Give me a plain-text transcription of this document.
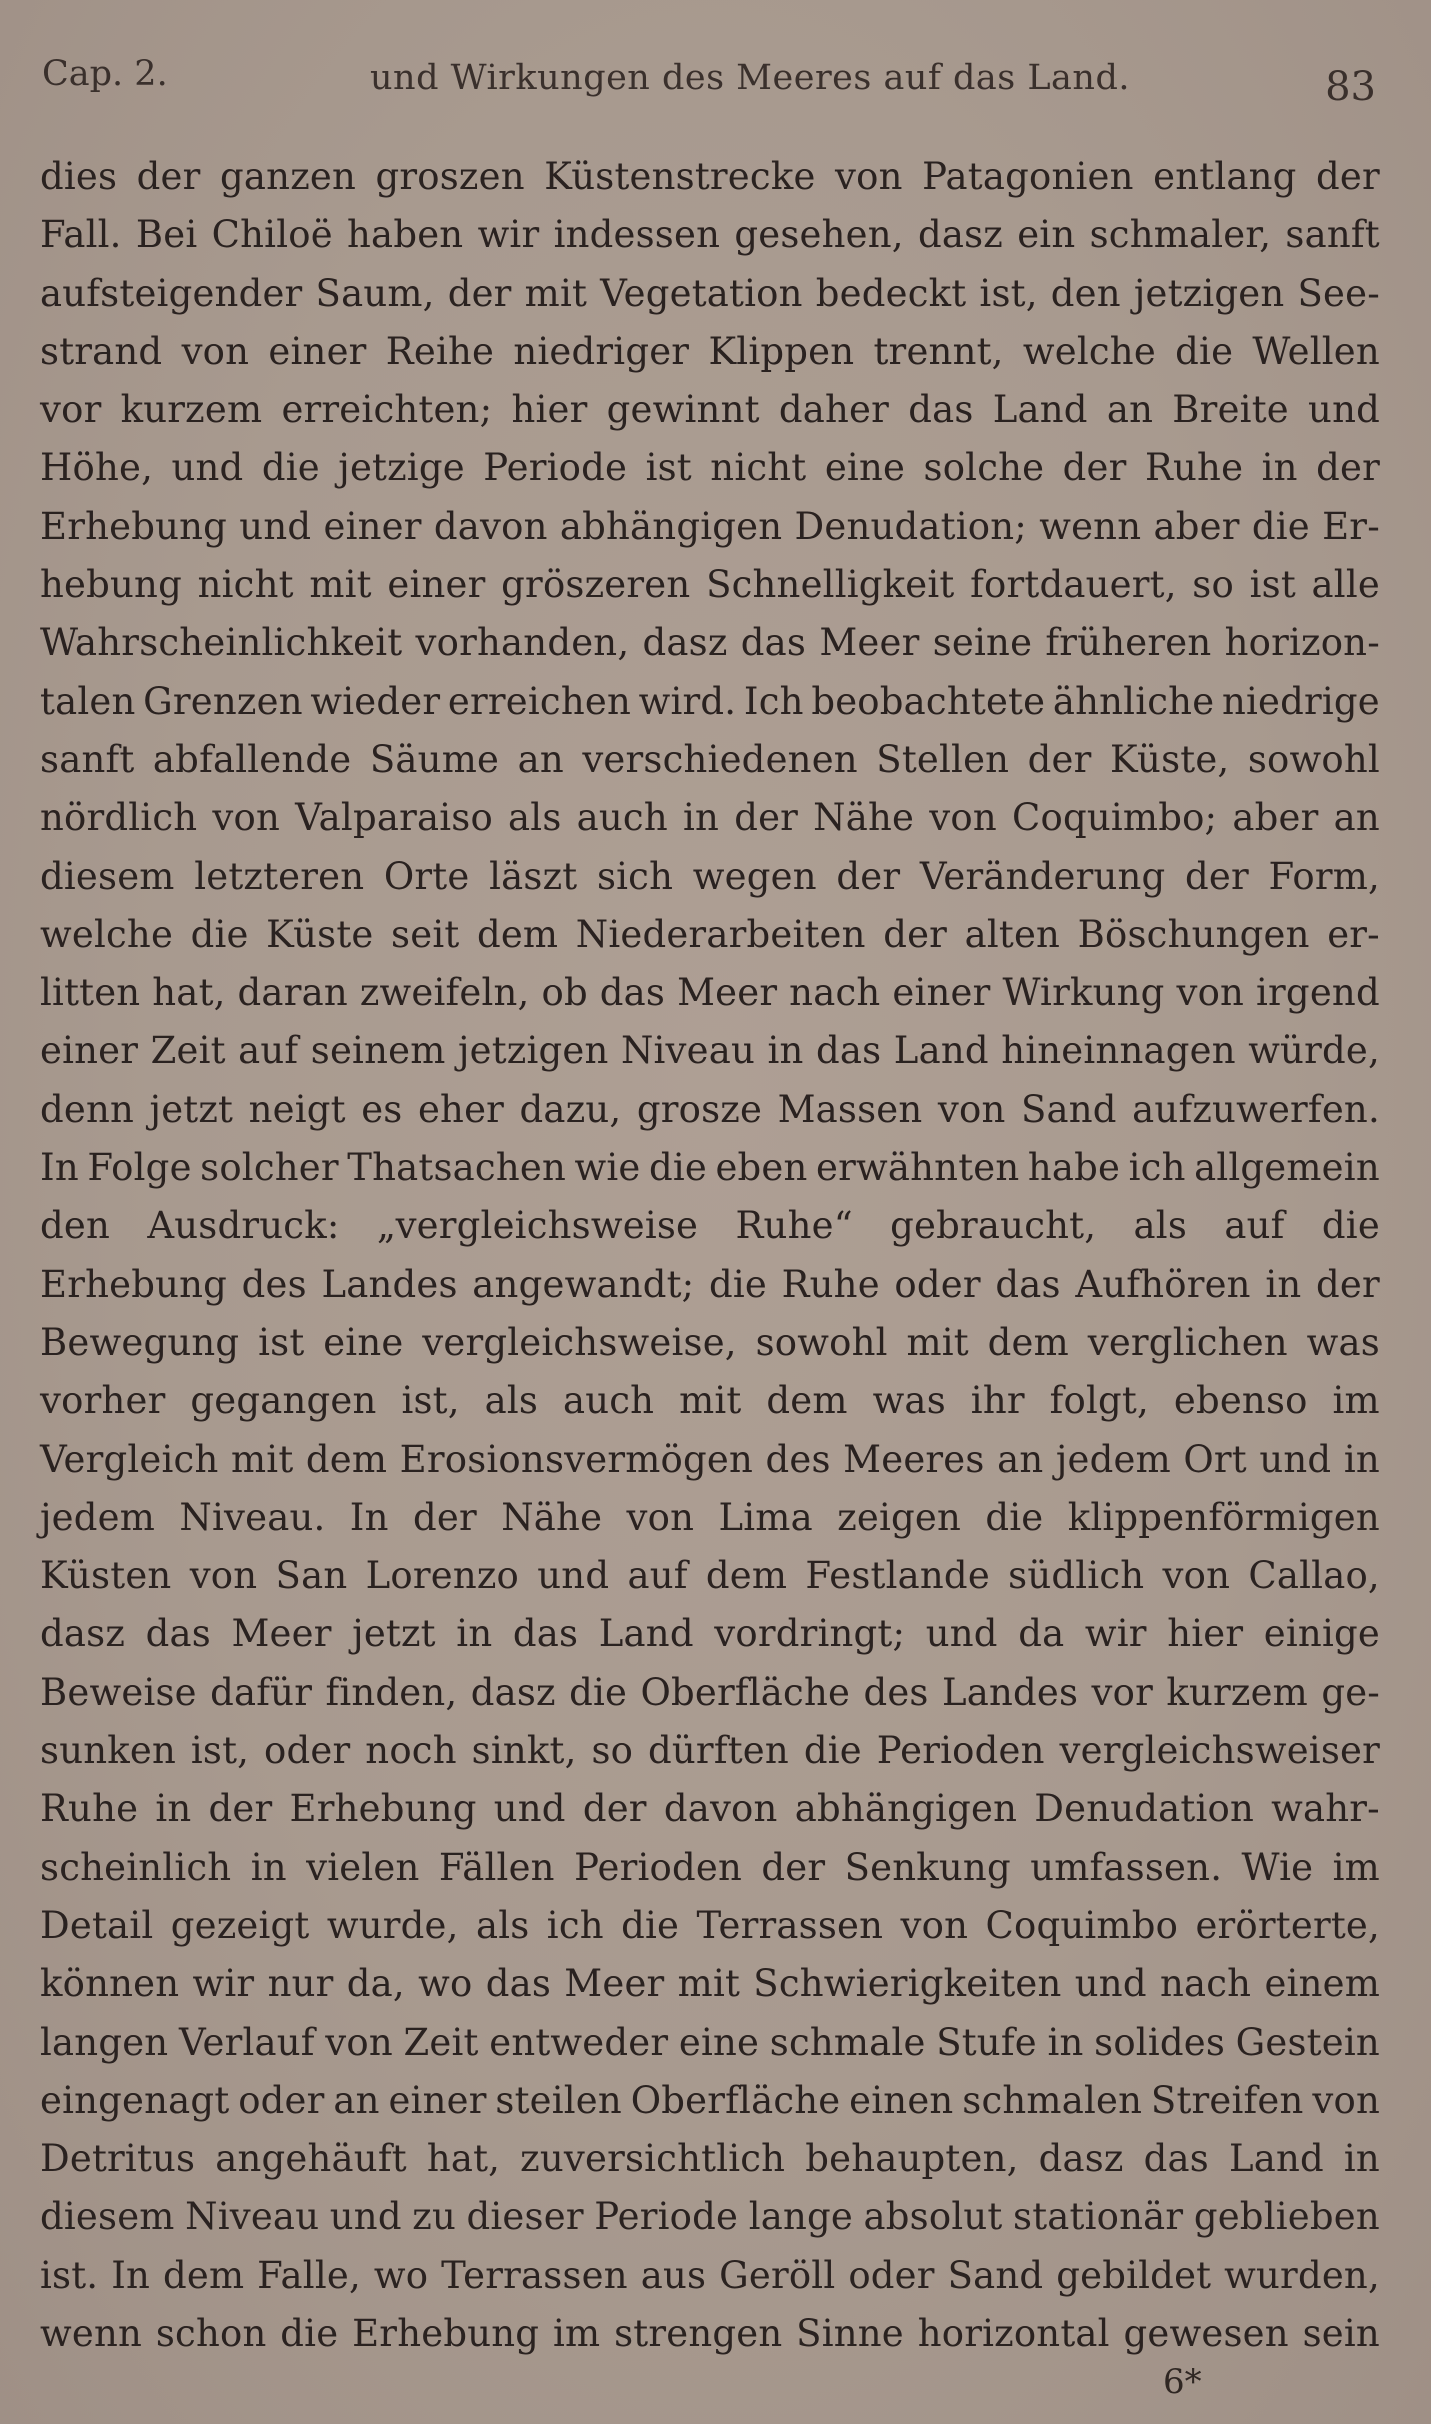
Cap. 2.	und Wirkungen des Meeres auf das Land.	83
dies der ganzen groszen Küstenstrecke von Patagonien entlang der
Fall. Bei Chiloë haben wir indessen gesehen, dasz ein schmaler, sanft
aufsteigender Saum, der mit Vegetation bedeckt ist, den jetzigen See-
strand von einer Reihe niedriger Klippen trennt, welche die Wellen
vor kurzem erreichten; hier gewinnt daher das Land an Breite und
Höhe, und die jetzige Periode ist nicht eine solche der Ruhe in der
Erhebung und einer davon abhängigen Denudation; wenn aber die Er-
hebung nicht mit einer gröszeren Schnelligkeit fortdauert, so ist alle
Wahrscheinlichkeit vorhanden, dasz das Meer seine früheren horizon-
talen Grenzen wieder erreichen wird. Ich beobachtete ähnliche niedrige
sanft abfallende Säume an verschiedenen Stellen der Küste, sowohl
nördlich von Valparaiso als auch in der Nähe von Coquimbo; aber an
diesem letzteren Orte läszt sich wegen der Veränderung der Form,
welche die Küste seit dem Niederarbeiten der alten Böschungen er-
litten hat, daran zweifeln, ob das Meer nach einer Wirkung von irgend
einer Zeit auf seinem jetzigen Niveau in das Land hineinnagen würde,
denn jetzt neigt es eher dazu, grosze Massen von Sand aufzuwerfen.
In Folge solcher Thatsachen wie die eben erwähnten habe ich allgemein
den Ausdruck: „vergleichsweise Ruhe“ gebraucht, als auf die
Erhebung des Landes angewandt; die Ruhe oder das Aufhören in der
Bewegung ist eine vergleichsweise, sowohl mit dem verglichen was
vorher gegangen ist, als auch mit dem was ihr folgt, ebenso im
Vergleich mit dem Erosionsvermögen des Meeres an jedem Ort und in
jedem Niveau. In der Nähe von Lima zeigen die klippenförmigen
Küsten von San Lorenzo und auf dem Festlande südlich von Callao,
dasz das Meer jetzt in das Land vordringt; und da wir hier einige
Beweise dafür finden, dasz die Oberfläche des Landes vor kurzem ge-
sunken ist, oder noch sinkt, so dürften die Perioden vergleichsweiser
Ruhe in der Erhebung und der davon abhängigen Denudation wahr-
scheinlich in vielen Fällen Perioden der Senkung umfassen. Wie im
Detail gezeigt wurde, als ich die Terrassen von Coquimbo erörterte,
können wir nur da, wo das Meer mit Schwierigkeiten und nach einem
langen Verlauf von Zeit entweder eine schmale Stufe in solides Gestein
eingenagt oder an einer steilen Oberfläche einen schmalen Streifen von
Detritus angehäuft hat, zuversichtlich behaupten, dasz das Land in
diesem Niveau und zu dieser Periode lange absolut stationär geblieben
ist. In dem Falle, wo Terrassen aus Geröll oder Sand gebildet wurden,
wenn schon die Erhebung im strengen Sinne horizontal gewesen sein
6*
